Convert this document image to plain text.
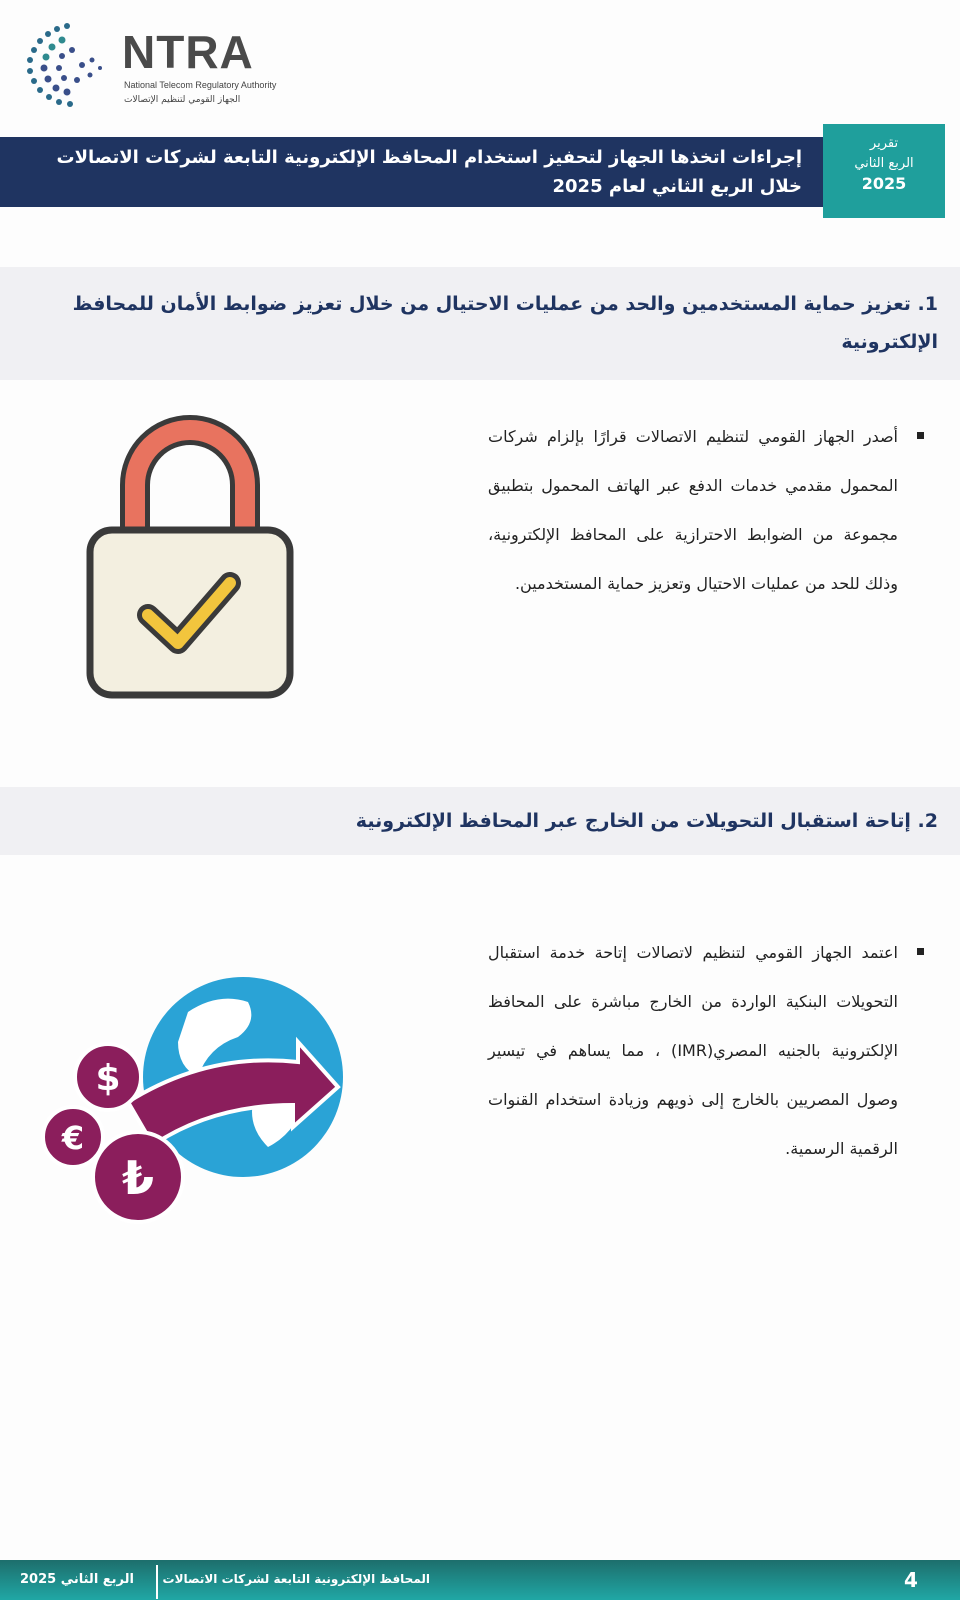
NTRA
National Telecom Regulatory Authority
الجهاز القومي لتنظيم الإتصالات
إجراءات اتخذها الجهاز لتحفيز استخدام المحافظ الإلكترونية التابعة لشركات الاتصالات
خلال الربع الثاني لعام 2025
تقرير
الربع الثاني
2025
1. تعزيز حماية المستخدمين والحد من عمليات الاحتيال من خلال تعزيز ضوابط الأمان للمحافظ الإلكترونية
أصدر الجهاز القومي لتنظيم الاتصالات قرارًا بإلزام شركات المحمول مقدمي خدمات الدفع عبر الهاتف المحمول بتطبيق مجموعة من الضوابط الاحترازية على المحافظ الإلكترونية، وذلك للحد من عمليات الاحتيال وتعزيز حماية المستخدمين.
2. إتاحة استقبال التحويلات من الخارج عبر المحافظ الإلكترونية
اعتمد الجهاز القومي لتنظيم لاتصالات إتاحة خدمة استقبال التحويلات البنكية الواردة من الخارج مباشرة على المحافظ الإلكترونية بالجنيه المصري(IMR) ، مما يساهم في تيسير وصول المصريين بالخارج إلى ذويهم وزيادة استخدام القنوات الرقمية الرسمية.
$
€
₺
4
المحافظ الإلكترونية التابعة لشركات الاتصالات
الربع الثاني 2025
